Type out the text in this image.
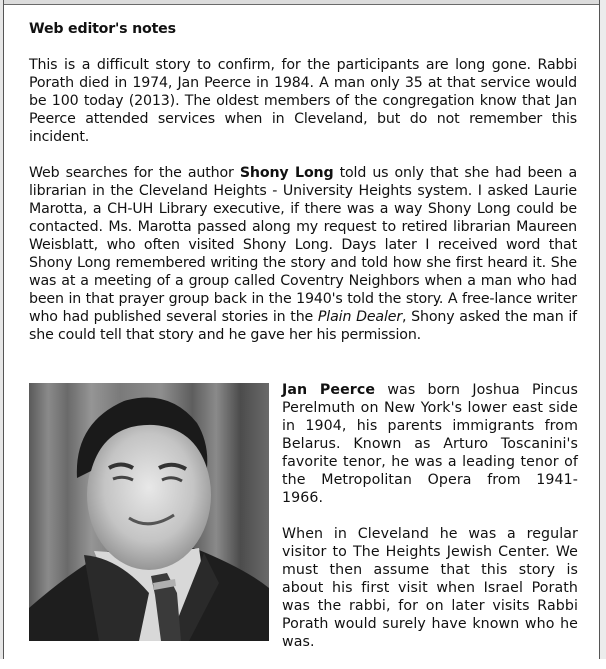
Web editor's notes

This is a difficult story to confirm, for the participants are long gone. Rabbi Porath died in 1974, Jan Peerce in 1984. A man only 35 at that service would be 100 today (2013). The oldest members of the congregation know that Jan Peerce attended services when in Cleveland, but do not remember this incident.

Web searches for the author Shony Long told us only that she had been a librarian in the Cleveland Heights - University Heights system. I asked Laurie Marotta, a CH-UH Library executive, if there was a way Shony Long could be contacted. Ms. Marotta passed along my request to retired librarian Maureen Weisblatt, who often visited Shony Long. Days later I received word that Shony Long remembered writing the story and told how she first heard it. She was at a meeting of a group called Coventry Neighbors when a man who had been in that prayer group back in the 1940's told the story. A free-lance writer who had published several stories in the Plain Dealer, Shony asked the man if she could tell that story and he gave her his permission.

Jan Peerce was born Joshua Pincus Perelmuth on New York's lower east side in 1904, his parents immigrants from Belarus. Known as Arturo Toscanini's favorite tenor, he was a leading tenor of the Metropolitan Opera from 1941- 1966.

When in Cleveland he was a regular visitor to The Heights Jewish Center. We must then assume that this story is about his first visit when Israel Porath was the rabbi, for on later visits Rabbi Porath would surely have known who he was.
